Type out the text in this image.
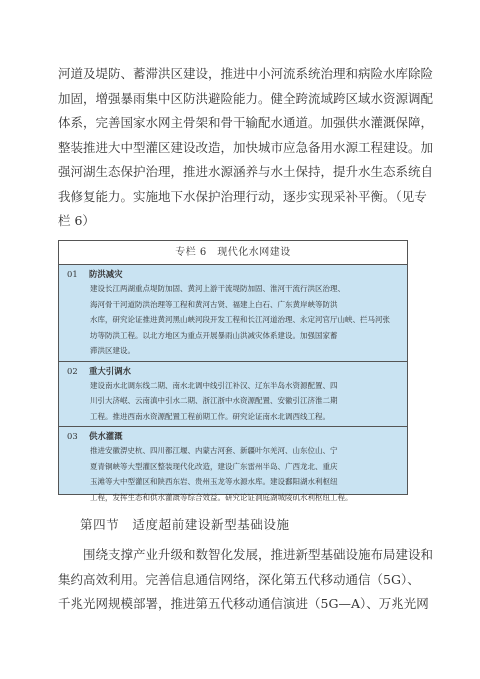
河道及堤防、蓄滞洪区建设，推进中小河流系统治理和病险水库除险

加固，增强暴雨集中区防洪避险能力。健全跨流域跨区域水资源调配

体系，完善国家水网主骨架和骨干输配水通道。加强供水灌溉保障，

整装推进大中型灌区建设改造，加快城市应急备用水源工程建设。加

强河湖生态保护治理，推进水源涵养与水土保持，提升水生态系统自

我修复能力。实施地下水保护治理行动，逐步实现采补平衡。（见专

栏 6）

专栏 6　现代化水网建设
01	防洪减灾
建设长江两湖重点堤防加固、黄河上游干流堤防加固、淮河干流行洪区治理、
海河骨干河道防洪治理等工程和黄河古贤、福建上白石、广东黄岸峡等防洪
水库，研究论证推进黄河黑山峡河段开发工程和长江河道治理、永定河官厅山峡、拦马河张
坊等防洪工程。以北方地区为重点开展暴雨山洪减灾体系建设。加强国家蓄
滞洪区建设。
02	重大引调水
建设南水北调东线二期、南水北调中线引江补汉、辽东半岛水资源配置、四
川引大济岷、云南滇中引水二期、浙江浙中水资源配置、安徽引江济淮二期
工程。推进西南水资源配置工程前期工作。研究论证南水北调西线工程。
03	供水灌溉
推进安徽淠史杭、四川都江堰、内蒙古河套、新疆叶尔羌河、山东位山、宁
夏青铜峡等大型灌区整装现代化改造，建设广东雷州半岛、广西龙北、重庆
玉滩等大中型灌区和陕西东岩、贵州玉龙等水源水库。建设鄱阳湖水利枢纽
工程，发挥生态和供水灌溉等综合效益。研究论证洞庭湖城陵矶水利枢纽工程。
第四节　适度超前建设新型基础设施

　　围绕支撑产业升级和数智化发展，推进新型基础设施布局建设和

集约高效利用。完善信息通信网络，深化第五代移动通信（5G）、

千兆光网规模部署，推进第五代移动通信演进（5G—A）、万兆光网
